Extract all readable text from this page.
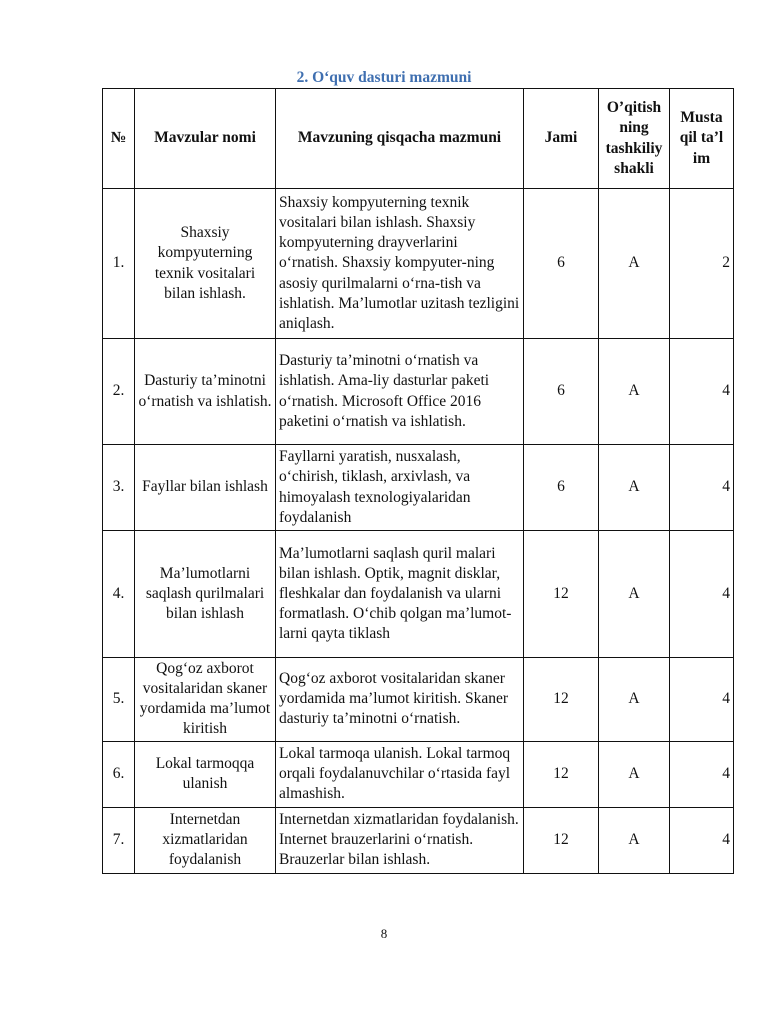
2. O‘quv dasturi mazmuni
№	Mavzular nomi	Mavzuning qisqacha mazmuni	Jami	O’qitish ning tashkiliy shakli	Musta qil ta’l im
1.	Shaxsiy kompyuterning texnik vositalari bilan ishlash.	Shaxsiy kompyuterning texnik vositalari bilan ishlash. Shaxsiy kompyuterning drayverlarini o‘rnatish. Shaxsiy kompyuter-ning asosiy qurilmalarni o‘rna-tish va ishlatish. Ma’lumotlar uzitash tezligini aniqlash.	6	A	2
2.	Dasturiy ta’minotni o‘rnatish va ishlatish.	Dasturiy ta’minotni o‘rnatish va ishlatish. Ama-liy dasturlar paketi o‘rnatish. Microsoft Office 2016 paketini o‘rnatish va ishlatish.	6	A	4
3.	Fayllar bilan ishlash	Fayllarni yaratish, nusxalash, o‘chirish, tiklash, arxivlash, va himoyalash texnologiyalaridan foydalanish	6	A	4
4.	Ma’lumotlarni saqlash qurilmalari bilan ishlash	Ma’lumotlarni saqlash quril malari bilan ishlash. Optik, magnit disklar, fleshkalar dan foydalanish va ularni formatlash. O‘chib qolgan ma’lumot-larni qayta tiklash	12	A	4
5.	Qog‘oz axborot vositalaridan skaner yordamida ma’lumot kiritish	Qog‘oz axborot vositalaridan skaner yordamida ma’lumot kiritish. Skaner dasturiy ta’minotni o‘rnatish.	12	A	4
6.	Lokal tarmoqqa ulanish	Lokal tarmoqa ulanish. Lokal tarmoq orqali foydalanuvchilar o‘rtasida fayl almashish.	12	A	4
7.	Internetdan xizmatlaridan foydalanish	Internetdan xizmatlaridan foydalanish. Internet brauzerlarini o‘rnatish. Brauzerlar bilan ishlash.	12	A	4
8
